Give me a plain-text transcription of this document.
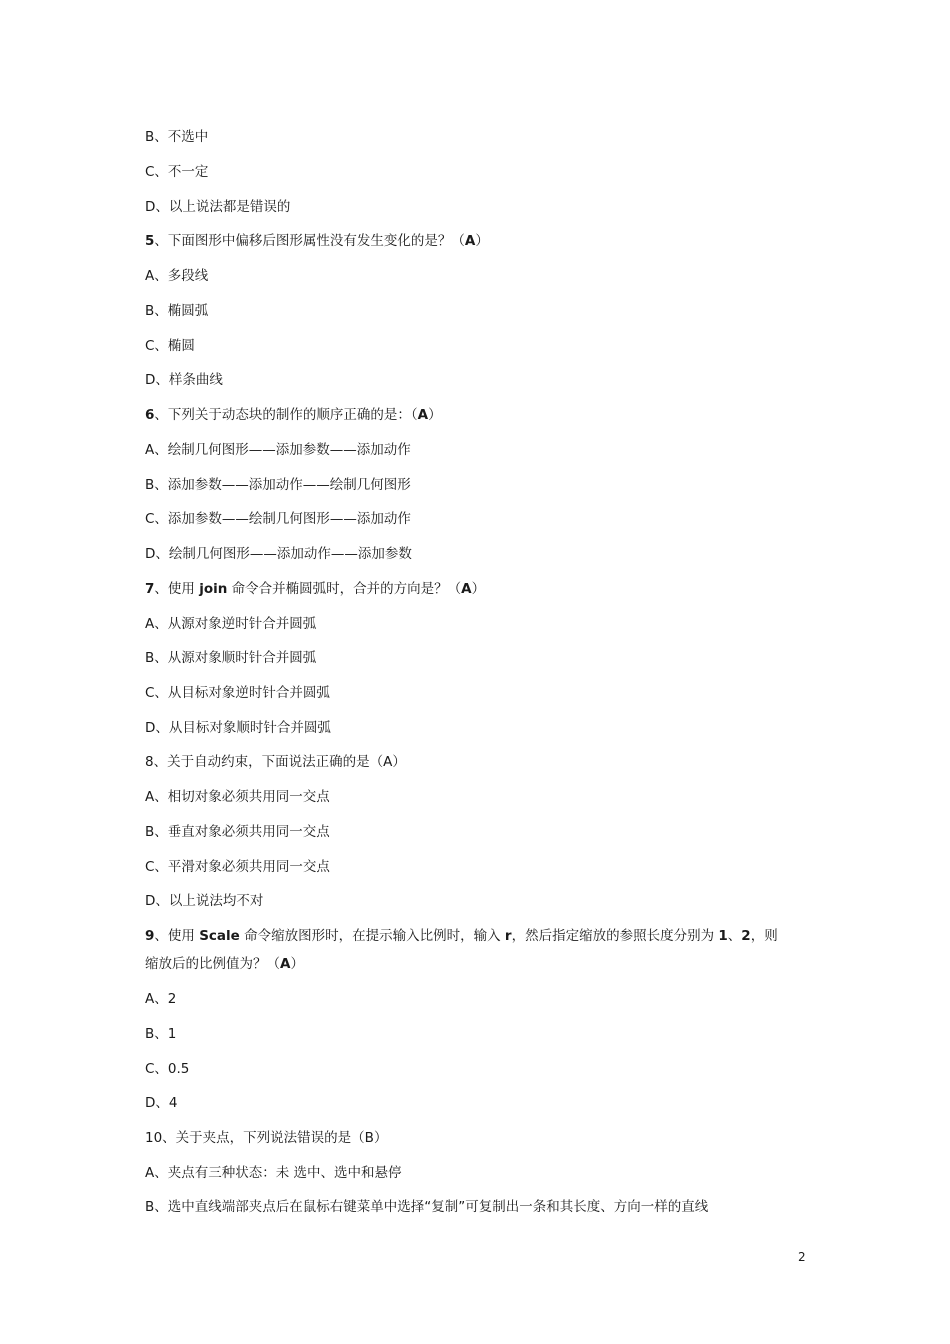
B、不选中
C、不一定
D、以上说法都是错误的
5、下面图形中偏移后图形属性没有发生变化的是？（A）
A、多段线
B、椭圆弧
C、椭圆
D、样条曲线
6、下列关于动态块的制作的顺序正确的是：（A）
A、绘制几何图形——添加参数——添加动作
B、添加参数——添加动作——绘制几何图形
C、添加参数——绘制几何图形——添加动作
D、绘制几何图形——添加动作——添加参数
7、使用 join 命令合并椭圆弧时，合并的方向是？（A）
A、从源对象逆时针合并圆弧
B、从源对象顺时针合并圆弧
C、从目标对象逆时针合并圆弧
D、从目标对象顺时针合并圆弧
8、关于自动约束，下面说法正确的是（A）
A、相切对象必须共用同一交点
B、垂直对象必须共用同一交点
C、平滑对象必须共用同一交点
D、以上说法均不对
9、使用 Scale 命令缩放图形时，在提示输入比例时，输入 r，然后指定缩放的参照长度分别为 1、2，则
缩放后的比例值为？（A）
A、2
B、1
C、0.5
D、4
10、关于夹点，下列说法错误的是（B）
A、夹点有三种状态：未 选中、选中和悬停
B、选中直线端部夹点后在鼠标右键菜单中选择“复制”可复制出一条和其长度、方向一样的直线
2
